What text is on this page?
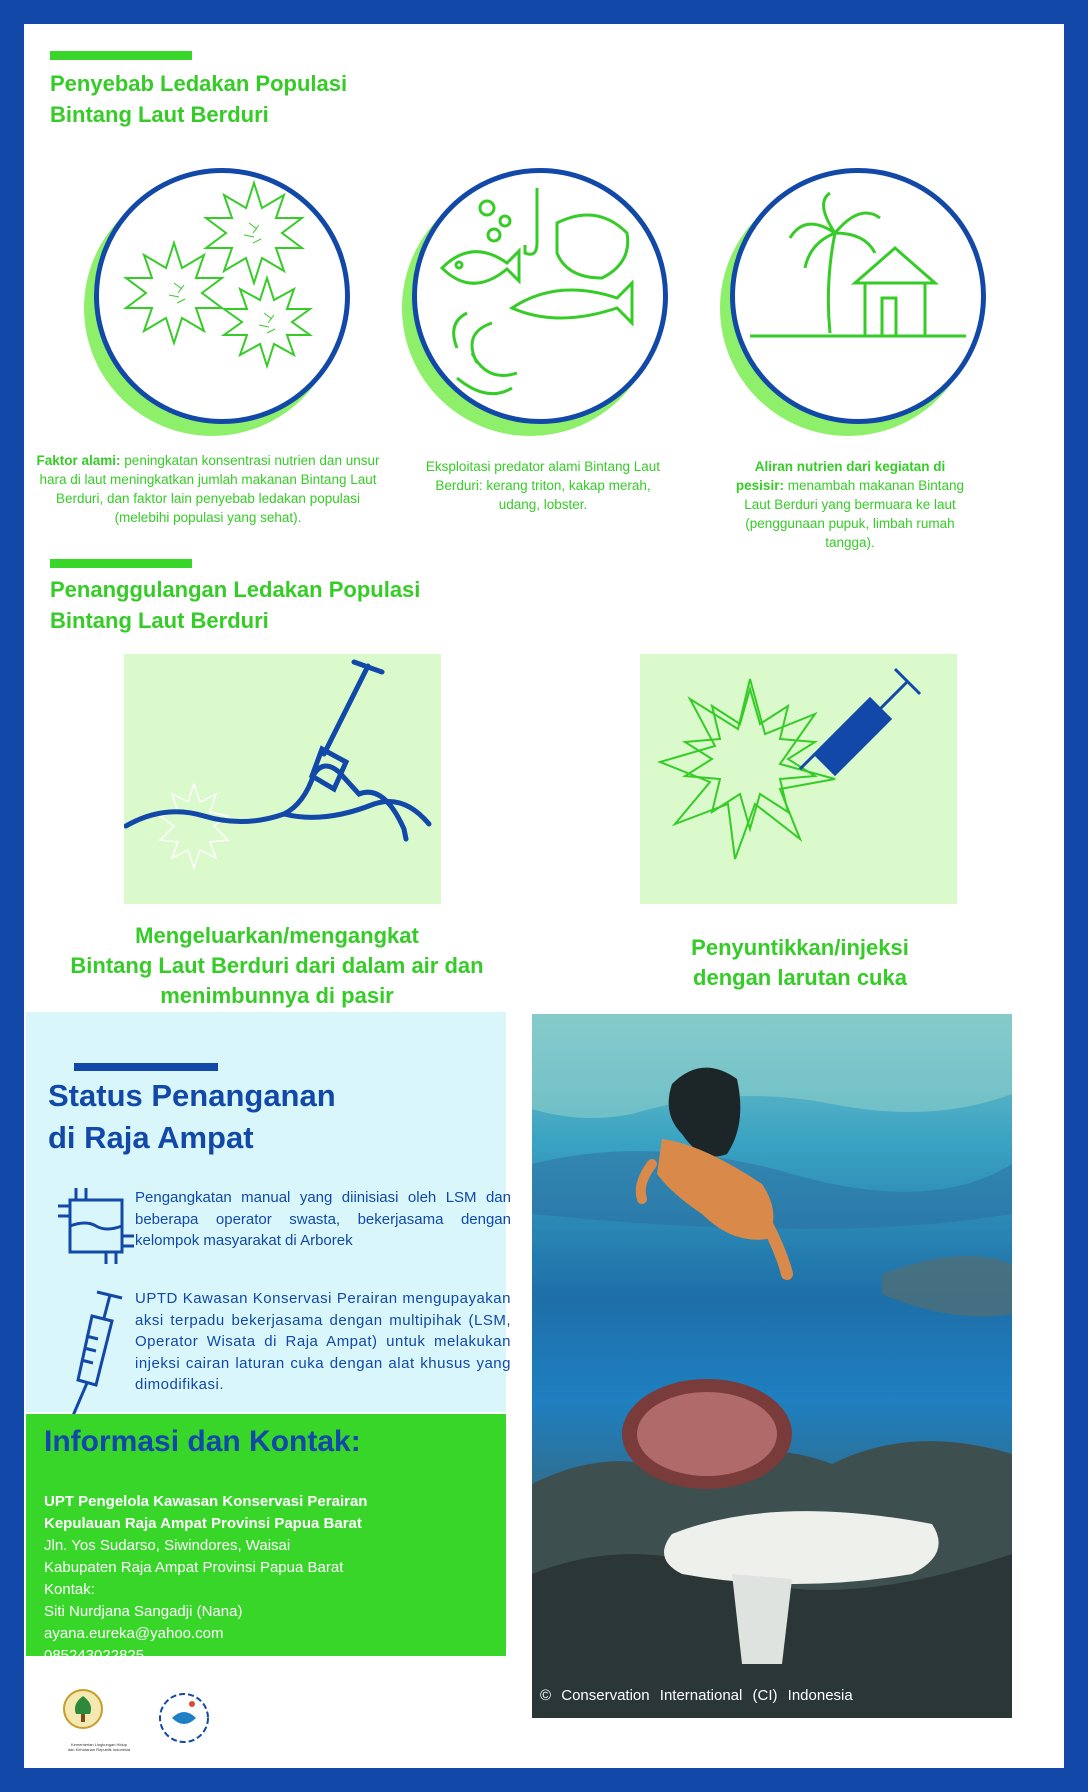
Penyebab Ledakan Populasi
Bintang Laut Berduri
Faktor alami: peningkatan konsentrasi nutrien dan unsur hara di laut meningkatkan jumlah makanan Bintang Laut Berduri, dan faktor lain penyebab ledakan populasi (melebihi populasi yang sehat).
Eksploitasi predator alami Bintang Laut Berduri: kerang triton, kakap merah, udang, lobster.
Aliran nutrien dari kegiatan di pesisir: menambah makanan Bintang Laut Berduri yang bermuara ke laut (penggunaan pupuk, limbah rumah tangga).
Penanggulangan Ledakan Populasi
Bintang Laut Berduri
Mengeluarkan/mengangkat
Bintang Laut Berduri dari dalam air dan
menimbunnya di pasir
Penyuntikkan/injeksi
dengan larutan cuka
Status Penanganan
di Raja Ampat
Pengangkatan manual yang diinisiasi oleh LSM dan beberapa operator swasta, bekerjasama dengan kelompok masyarakat di Arborek
UPTD Kawasan Konservasi Perairan mengupayakan aksi terpadu bekerjasama dengan multipihak (LSM, Operator Wisata di Raja Ampat) untuk melakukan injeksi cairan laturan cuka dengan alat khusus yang dimodifikasi.
Informasi dan Kontak:
UPT Pengelola Kawasan Konservasi Perairan
Kepulauan Raja Ampat Provinsi Papua Barat
Jln. Yos Sudarso, Siwindores, Waisai
Kabupaten Raja Ampat Provinsi Papua Barat
Kontak:
Siti Nurdjana Sangadji (Nana)
ayana.eureka@yahoo.com
085243022825
Kementerian Lingkungan Hidup
dan Kehutanan Republik Indonesia
© Conservation International (CI) Indonesia
